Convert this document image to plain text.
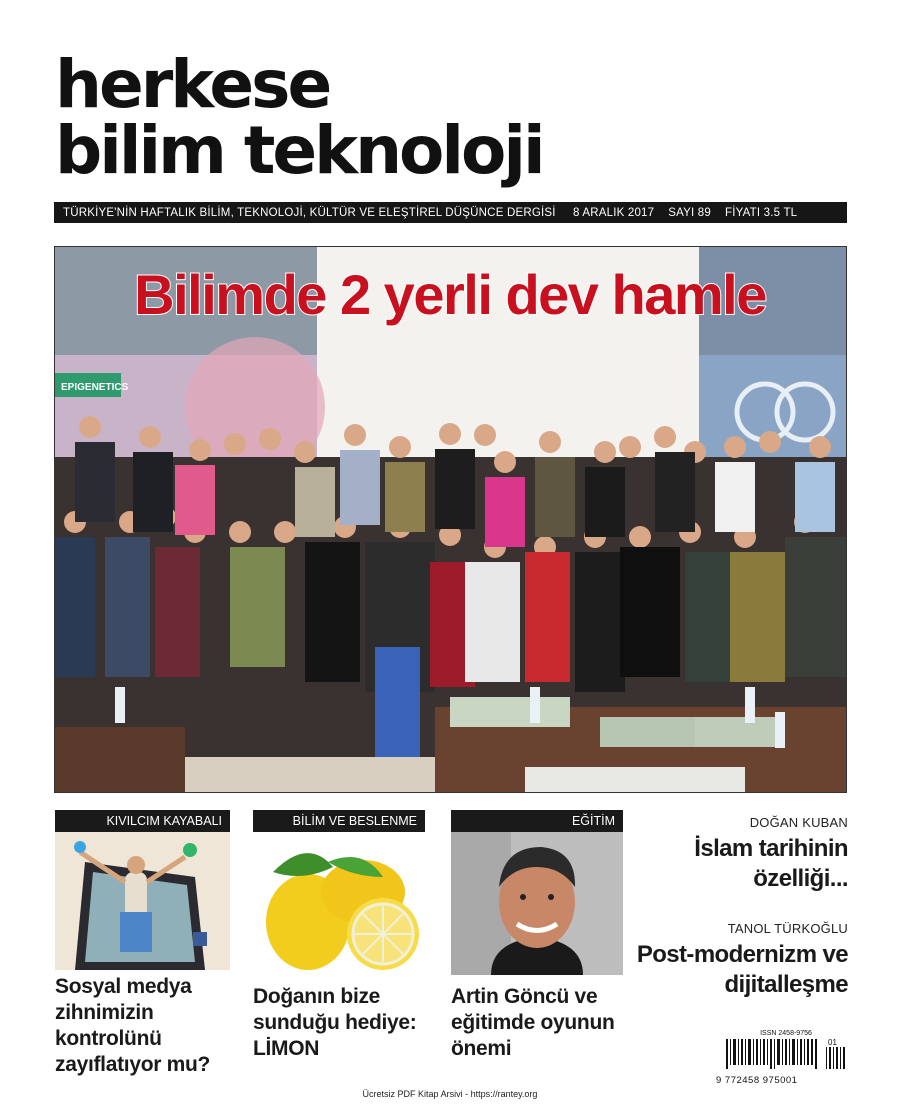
herkese
bilim teknoloji
TÜRKİYE'NİN HAFTALIK BİLİM, TEKNOLOJİ, KÜLTÜR VE ELEŞTİREL DÜŞÜNCE DERGİSİ	8 ARALIK 2017 SAYI 89 FİYATI 3.5 TL
EPIGENETICS
Bilimde 2 yerli dev hamle
KIVILCIM KAYABALI
Sosyal medya
zihnimizin
kontrolünü
zayıflatıyor mu?
BİLİM VE BESLENME
Doğanın bize
sunduğu hediye:
LİMON
EĞİTİM
Artin Göncü ve
eğitimde oyunun
önemi
DOĞAN KUBAN
İslam tarihinin
özelliği...
TANOL TÜRKOĞLU
Post-modernizm ve
dijitalleşme
ISSN 2458-9756
01
9 772458 975001
Ücretsiz PDF Kitap Arsivi - https://rantey.org
